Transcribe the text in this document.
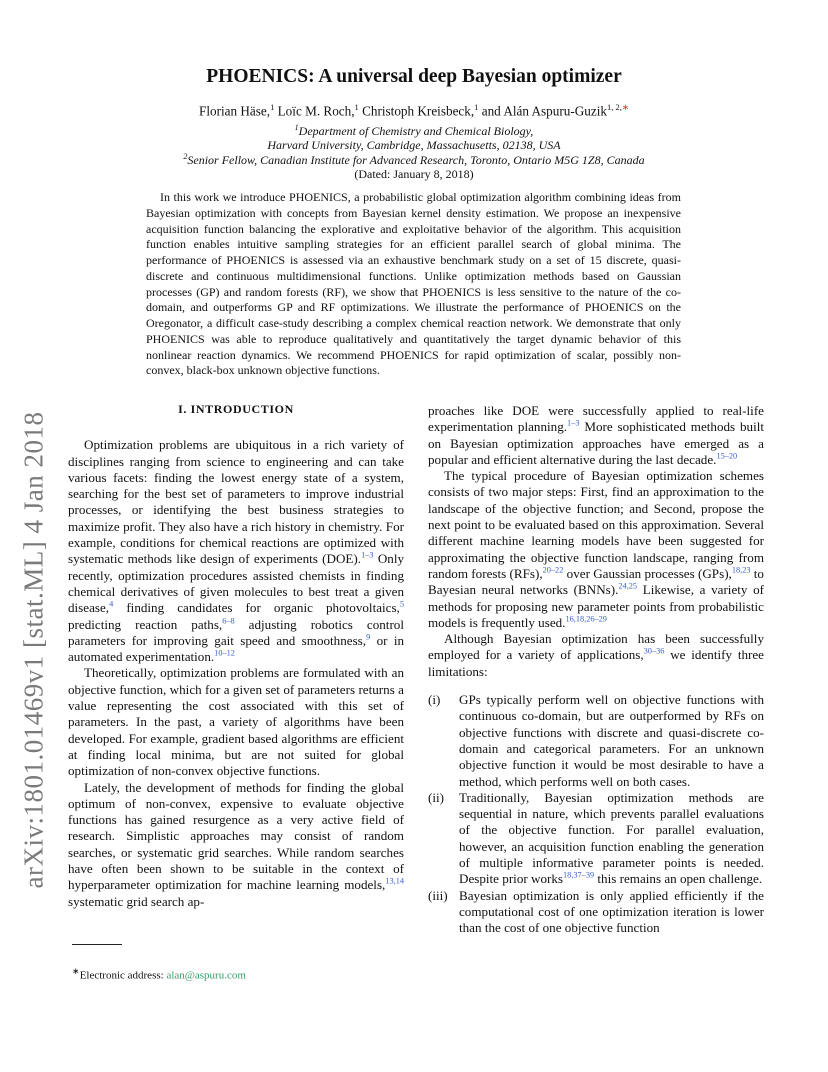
arXiv:1801.01469v1 [stat.ML] 4 Jan 2018
PHOENICS: A universal deep Bayesian optimizer
Florian Häse,$^1$ Loïc M. Roch,$^1$ Christoph Kreisbeck,$^1$ and Alán Aspuru-Guzik$^{1, 2,∗}$
$^1$Department of Chemistry and Chemical Biology,
Harvard University, Cambridge, Massachusetts, 02138, USA
$^2$Senior Fellow, Canadian Institute for Advanced Research, Toronto, Ontario M5G 1Z8, Canada
(Dated: January 8, 2018)

In this work we introduce PHOENICS, a probabilistic global optimization algorithm combining ideas from Bayesian optimization with concepts from Bayesian kernel density estimation. We propose an inexpensive acquisition function balancing the explorative and exploitative behavior of the algorithm. This acquisition function enables intuitive sampling strategies for an efficient parallel search of global minima. The performance of PHOENICS is assessed via an exhaustive benchmark study on a set of 15 discrete, quasi-discrete and continuous multidimensional functions. Unlike optimization methods based on Gaussian processes (GP) and random forests (RF), we show that PHOENICS is less sensitive to the nature of the co-domain, and outperforms GP and RF optimizations. We illustrate the performance of PHOENICS on the Oregonator, a difficult case-study describing a complex chemical reaction network. We demonstrate that only PHOENICS was able to reproduce qualitatively and quantitatively the target dynamic behavior of this nonlinear reaction dynamics. We recommend PHOENICS for rapid optimization of scalar, possibly non-convex, black-box unknown objective functions.

I. INTRODUCTION

Optimization problems are ubiquitous in a rich variety of disciplines ranging from science to engineering and can take various facets: finding the lowest energy state of a system, searching for the best set of parameters to improve industrial processes, or identifying the best business strategies to maximize profit. They also have a rich history in chemistry. For example, conditions for chemical reactions are optimized with systematic methods like design of experiments (DOE).$^{1-3}$ Only recently, optimization procedures assisted chemists in finding chemical derivatives of given molecules to best treat a given disease,$^4$ finding candidates for organic photovoltaics,$^5$ predicting reaction paths,$^{6-8}$ adjusting robotics control parameters for improving gait speed and smoothness,$^9$ or in automated experimentation.$^{10-12}$

Theoretically, optimization problems are formulated with an objective function, which for a given set of parameters returns a value representing the cost associated with this set of parameters. In the past, a variety of algorithms have been developed. For example, gradient based algorithms are efficient at finding local minima, but are not suited for global optimization of non-convex objective functions.

Lately, the development of methods for finding the global optimum of non-convex, expensive to evaluate objective functions has gained resurgence as a very active field of research. Simplistic approaches may consist of random searches, or systematic grid searches. While random searches have often been shown to be suitable in the context of hyperparameter optimization for machine learning models,$^{13,14}$ systematic grid search ap-

proaches like DOE were successfully applied to real-life experimentation planning.$^{1-3}$ More sophisticated methods built on Bayesian optimization approaches have emerged as a popular and efficient alternative during the last decade.$^{15-20}$

The typical procedure of Bayesian optimization schemes consists of two major steps: First, find an approximation to the landscape of the objective function; and Second, propose the next point to be evaluated based on this approximation. Several different machine learning models have been suggested for approximating the objective function landscape, ranging from random forests (RFs),$^{20-22}$ over Gaussian processes (GPs),$^{18,23}$ to Bayesian neural networks (BNNs).$^{24,25}$ Likewise, a variety of methods for proposing new parameter points from probabilistic models is frequently used.$^{16,18,26-29}$

Although Bayesian optimization has been successfully employed for a variety of applications,$^{30-36}$ we identify three limitations:

(i)	GPs typically perform well on objective functions with continuous co-domain, but are outperformed by RFs on objective functions with discrete and quasi-discrete co-domain and categorical parameters. For an unknown objective function it would be most desirable to have a method, which performs well on both cases.
(ii)	Traditionally, Bayesian optimization methods are sequential in nature, which prevents parallel evaluations of the objective function. For parallel evaluation, however, an acquisition function enabling the generation of multiple informative parameter points is needed. Despite prior works$^{18,37-39}$ this remains an open challenge.
(iii) Bayesian optimization is only applied efficiently if the computational cost of one optimization iteration is lower than the cost of one objective function
∗Electronic address: alan@aspuru.com
